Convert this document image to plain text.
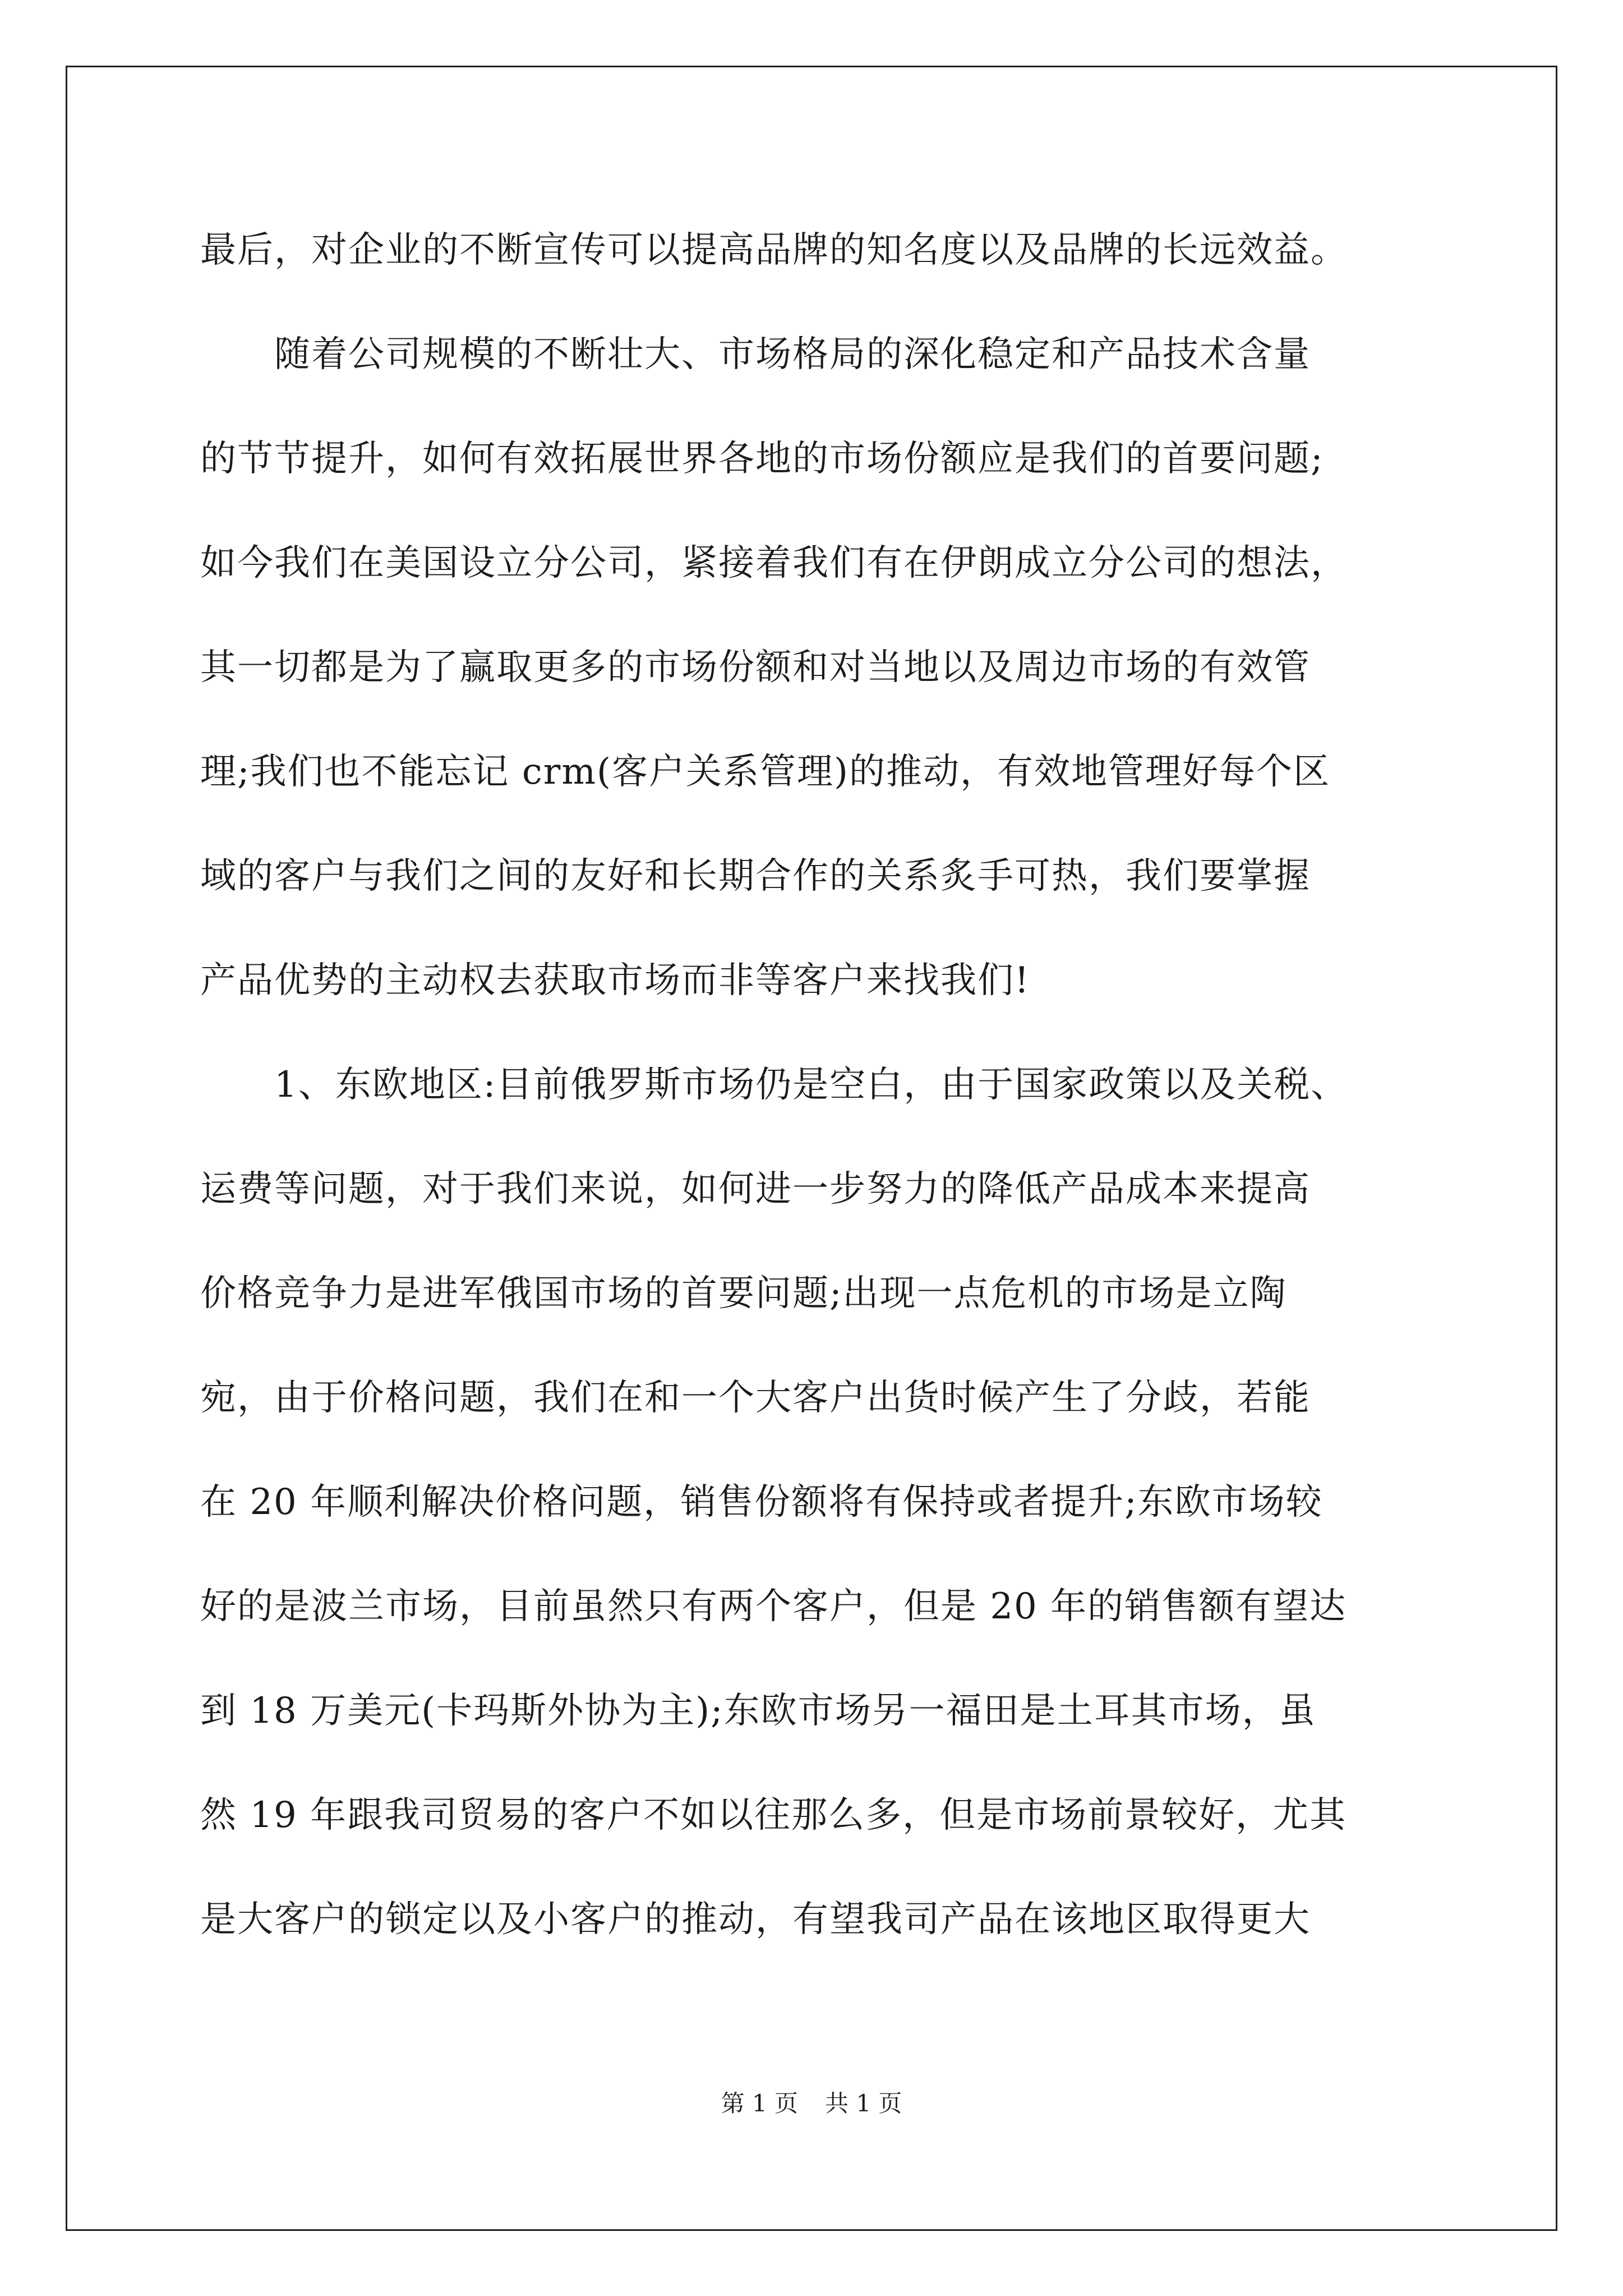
最后，对企业的不断宣传可以提高品牌的知名度以及品牌的长远效益。
　　随着公司规模的不断壮大、市场格局的深化稳定和产品技术含量
的节节提升，如何有效拓展世界各地的市场份额应是我们的首要问题;
如今我们在美国设立分公司，紧接着我们有在伊朗成立分公司的想法，
其一切都是为了赢取更多的市场份额和对当地以及周边市场的有效管
理;我们也不能忘记 crm(客户关系管理)的推动，有效地管理好每个区
域的客户与我们之间的友好和长期合作的关系炙手可热，我们要掌握
产品优势的主动权去获取市场而非等客户来找我们!
　　1、东欧地区:目前俄罗斯市场仍是空白，由于国家政策以及关税、
运费等问题，对于我们来说，如何进一步努力的降低产品成本来提高
价格竞争力是进军俄国市场的首要问题;出现一点危机的市场是立陶
宛，由于价格问题，我们在和一个大客户出货时候产生了分歧，若能
在 20 年顺利解决价格问题，销售份额将有保持或者提升;东欧市场较
好的是波兰市场，目前虽然只有两个客户，但是 20 年的销售额有望达
到 18 万美元(卡玛斯外协为主);东欧市场另一福田是土耳其市场，虽
然 19 年跟我司贸易的客户不如以往那么多，但是市场前景较好，尤其
是大客户的锁定以及小客户的推动，有望我司产品在该地区取得更大
第 1 页 共 1 页
